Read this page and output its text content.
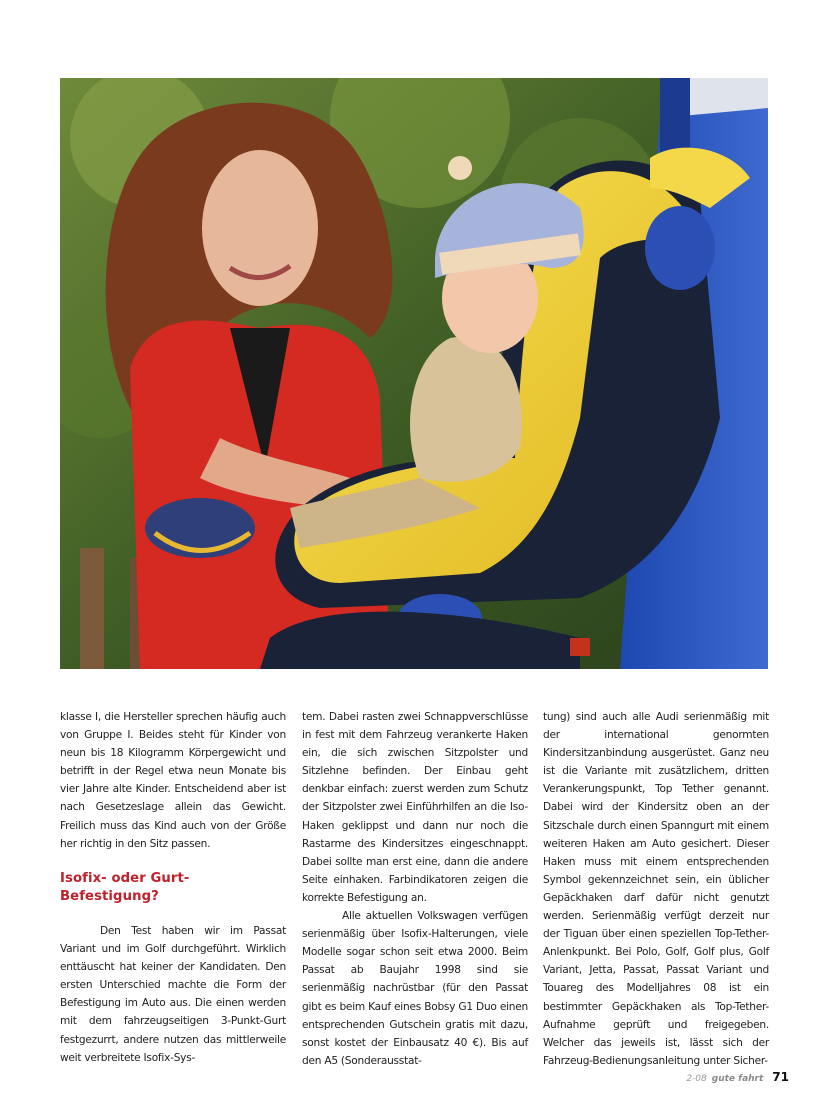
klasse I, die Hersteller sprechen häufig auch von Gruppe I. Beides steht für Kinder von neun bis 18 Kilogramm Körpergewicht und betrifft in der Regel etwa neun Monate bis vier Jahre alte Kinder. Entscheidend aber ist nach Gesetzeslage allein das Gewicht. Freilich muss das Kind auch von der Größe her richtig in den Sitz passen.

Isofix- oder Gurt-Befestigung?

Den Test haben wir im Passat Variant und im Golf durchgeführt. Wirklich enttäuscht hat keiner der Kandidaten. Den ersten Unterschied machte die Form der Befestigung im Auto aus. Die einen werden mit dem fahrzeugseitigen 3-Punkt-Gurt festgezurrt, andere nutzen das mittlerweile weit verbreitete Isofix-Sys-

tem. Dabei rasten zwei Schnappverschlüsse in fest mit dem Fahrzeug verankerte Haken ein, die sich zwischen Sitzpolster und Sitzlehne befinden. Der Einbau geht denkbar einfach: zuerst werden zum Schutz der Sitzpolster zwei Einführhilfen an die Iso-Haken geklippst und dann nur noch die Rastarme des Kindersitzes eingeschnappt. Dabei sollte man erst eine, dann die andere Seite einhaken. Farbindikatoren zeigen die korrekte Befestigung an.

Alle aktuellen Volkswagen verfügen serienmäßig über Isofix-Halterungen, viele Modelle sogar schon seit etwa 2000. Beim Passat ab Baujahr 1998 sind sie serienmäßig nachrüstbar (für den Passat gibt es beim Kauf eines Bobsy G1 Duo einen entsprechenden Gutschein gratis mit dazu, sonst kostet der Einbausatz 40 €). Bis auf den A5 (Sonderausstat-

tung) sind auch alle Audi serienmäßig mit der international genormten Kindersitzanbindung ausgerüstet. Ganz neu ist die Variante mit zusätzlichem, dritten Verankerungspunkt, Top Tether genannt. Dabei wird der Kindersitz oben an der Sitzschale durch einen Spanngurt mit einem weiteren Haken am Auto gesichert. Dieser Haken muss mit einem entsprechenden Symbol gekennzeichnet sein, ein üblicher Gepäckhaken darf dafür nicht genutzt werden. Serienmäßig verfügt derzeit nur der Tiguan über einen speziellen Top-Tether-Anlenkpunkt. Bei Polo, Golf, Golf plus, Golf Variant, Jetta, Passat, Passat Variant und Touareg des Modelljahres 08 ist ein bestimmter Gepäckhaken als Top-Tether-Aufnahme geprüft und freigegeben. Welcher das jeweils ist, lässt sich der Fahrzeug-Bedienungsanleitung unter Sicher-

2-08 gute fahrt 71
